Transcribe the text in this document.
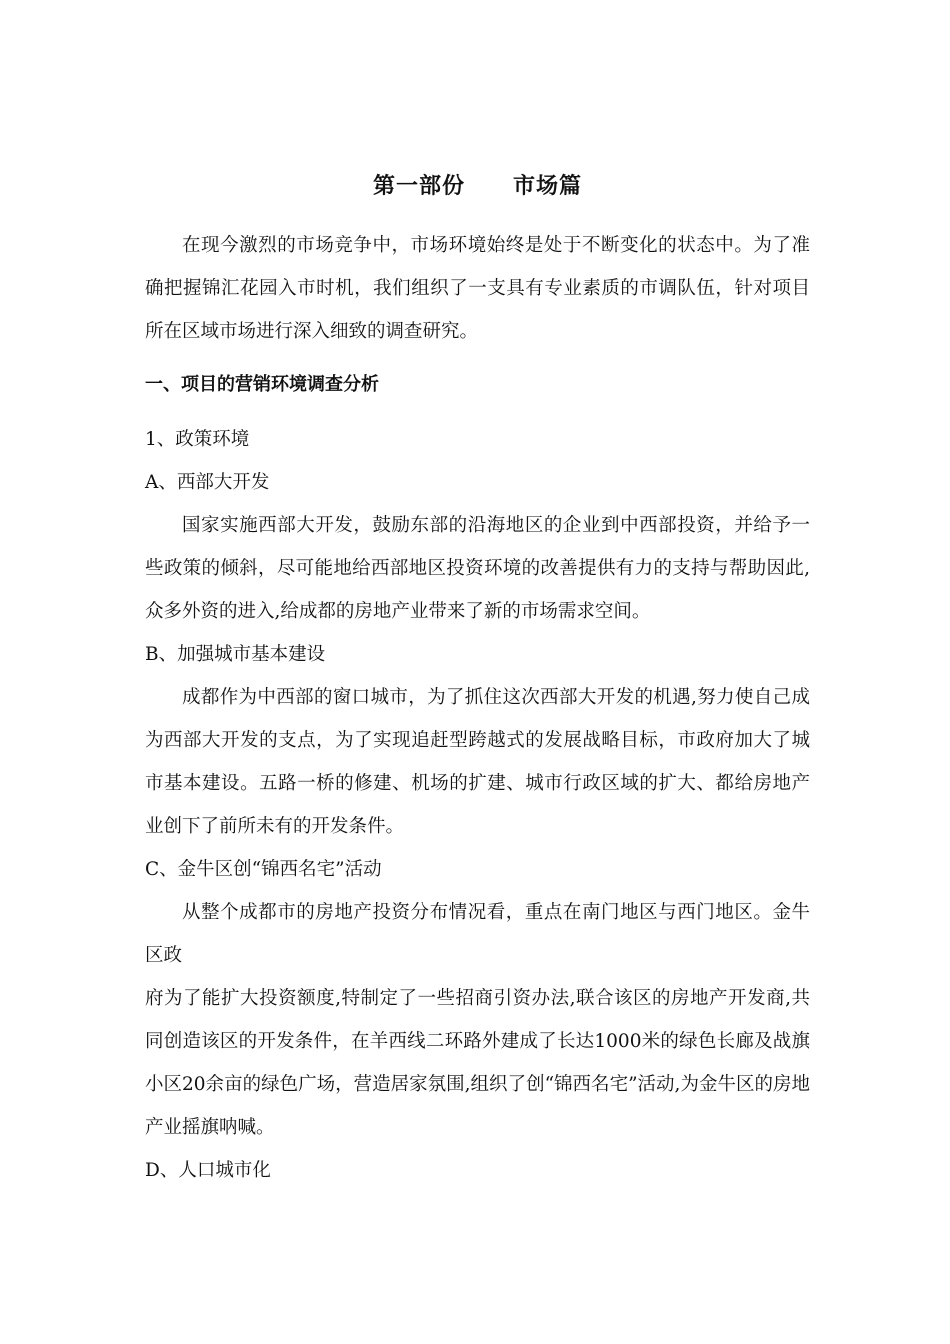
第一部份 市场篇

在现今激烈的市场竞争中，市场环境始终是处于不断变化的状态中。为了准确把握锦汇花园入市时机，我们组织了一支具有专业素质的市调队伍，针对项目所在区域市场进行深入细致的调查研究。

一、项目的营销环境调查分析

1、政策环境

A、西部大开发

国家实施西部大开发，鼓励东部的沿海地区的企业到中西部投资，并给予一些政策的倾斜，尽可能地给西部地区投资环境的改善提供有力的支持与帮助因此,众多外资的进入,给成都的房地产业带来了新的市场需求空间。

B、加强城市基本建设

成都作为中西部的窗口城市，为了抓住这次西部大开发的机遇,努力使自己成为西部大开发的支点，为了实现追赶型跨越式的发展战略目标，市政府加大了城市基本建设。五路一桥的修建、机场的扩建、城市行政区域的扩大、都给房地产业创下了前所未有的开发条件。

C、金牛区创“锦西名宅”活动

从整个成都市的房地产投资分布情况看，重点在南门地区与西门地区。金牛区政

府为了能扩大投资额度,特制定了一些招商引资办法,联合该区的房地产开发商,共同创造该区的开发条件，在羊西线二环路外建成了长达1000米的绿色长廊及战旗小区20余亩的绿色广场，营造居家氛围,组织了创“锦西名宅”活动,为金牛区的房地产业摇旗呐喊。

D、人口城市化
